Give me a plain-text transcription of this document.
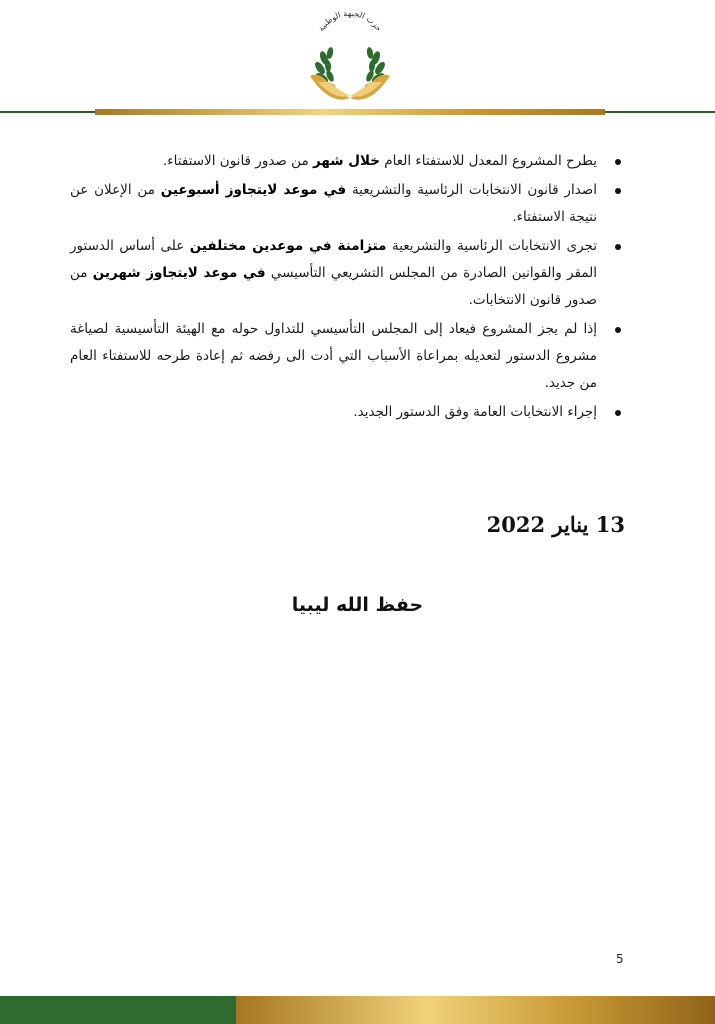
حزب الجبهة الوطنية
يطرح المشروع المعدل للاستفتاء العام خلال شهر من صدور قانون الاستفتاء.
اصدار قانون الانتخابات الرئاسية والتشريعية في موعد لايتجاوز أسبوعين من الإعلان عن نتيجة الاستفتاء.
تجرى الانتخابات الرئاسية والتشريعية متزامنة في موعدين مختلفين على أساس الدستور المقر والقوانين الصادرة من المجلس التشريعي التأسيسي في موعد لايتجاوز شهرين من صدور قانون الانتخابات.
إذا لم يجز المشروع فيعاد إلى المجلس التأسيسي للتداول حوله مع الهيئة التأسيسية لصياغة مشروع الدستور لتعديله بمراعاة الأسباب التي أدت الى رفضه ثم إعادة طرحه للاستفتاء العام من جديد.
إجراء الانتخابات العامة وفق الدستور الجديد.
13 يناير 2022
حفظ الله ليبيا
5
